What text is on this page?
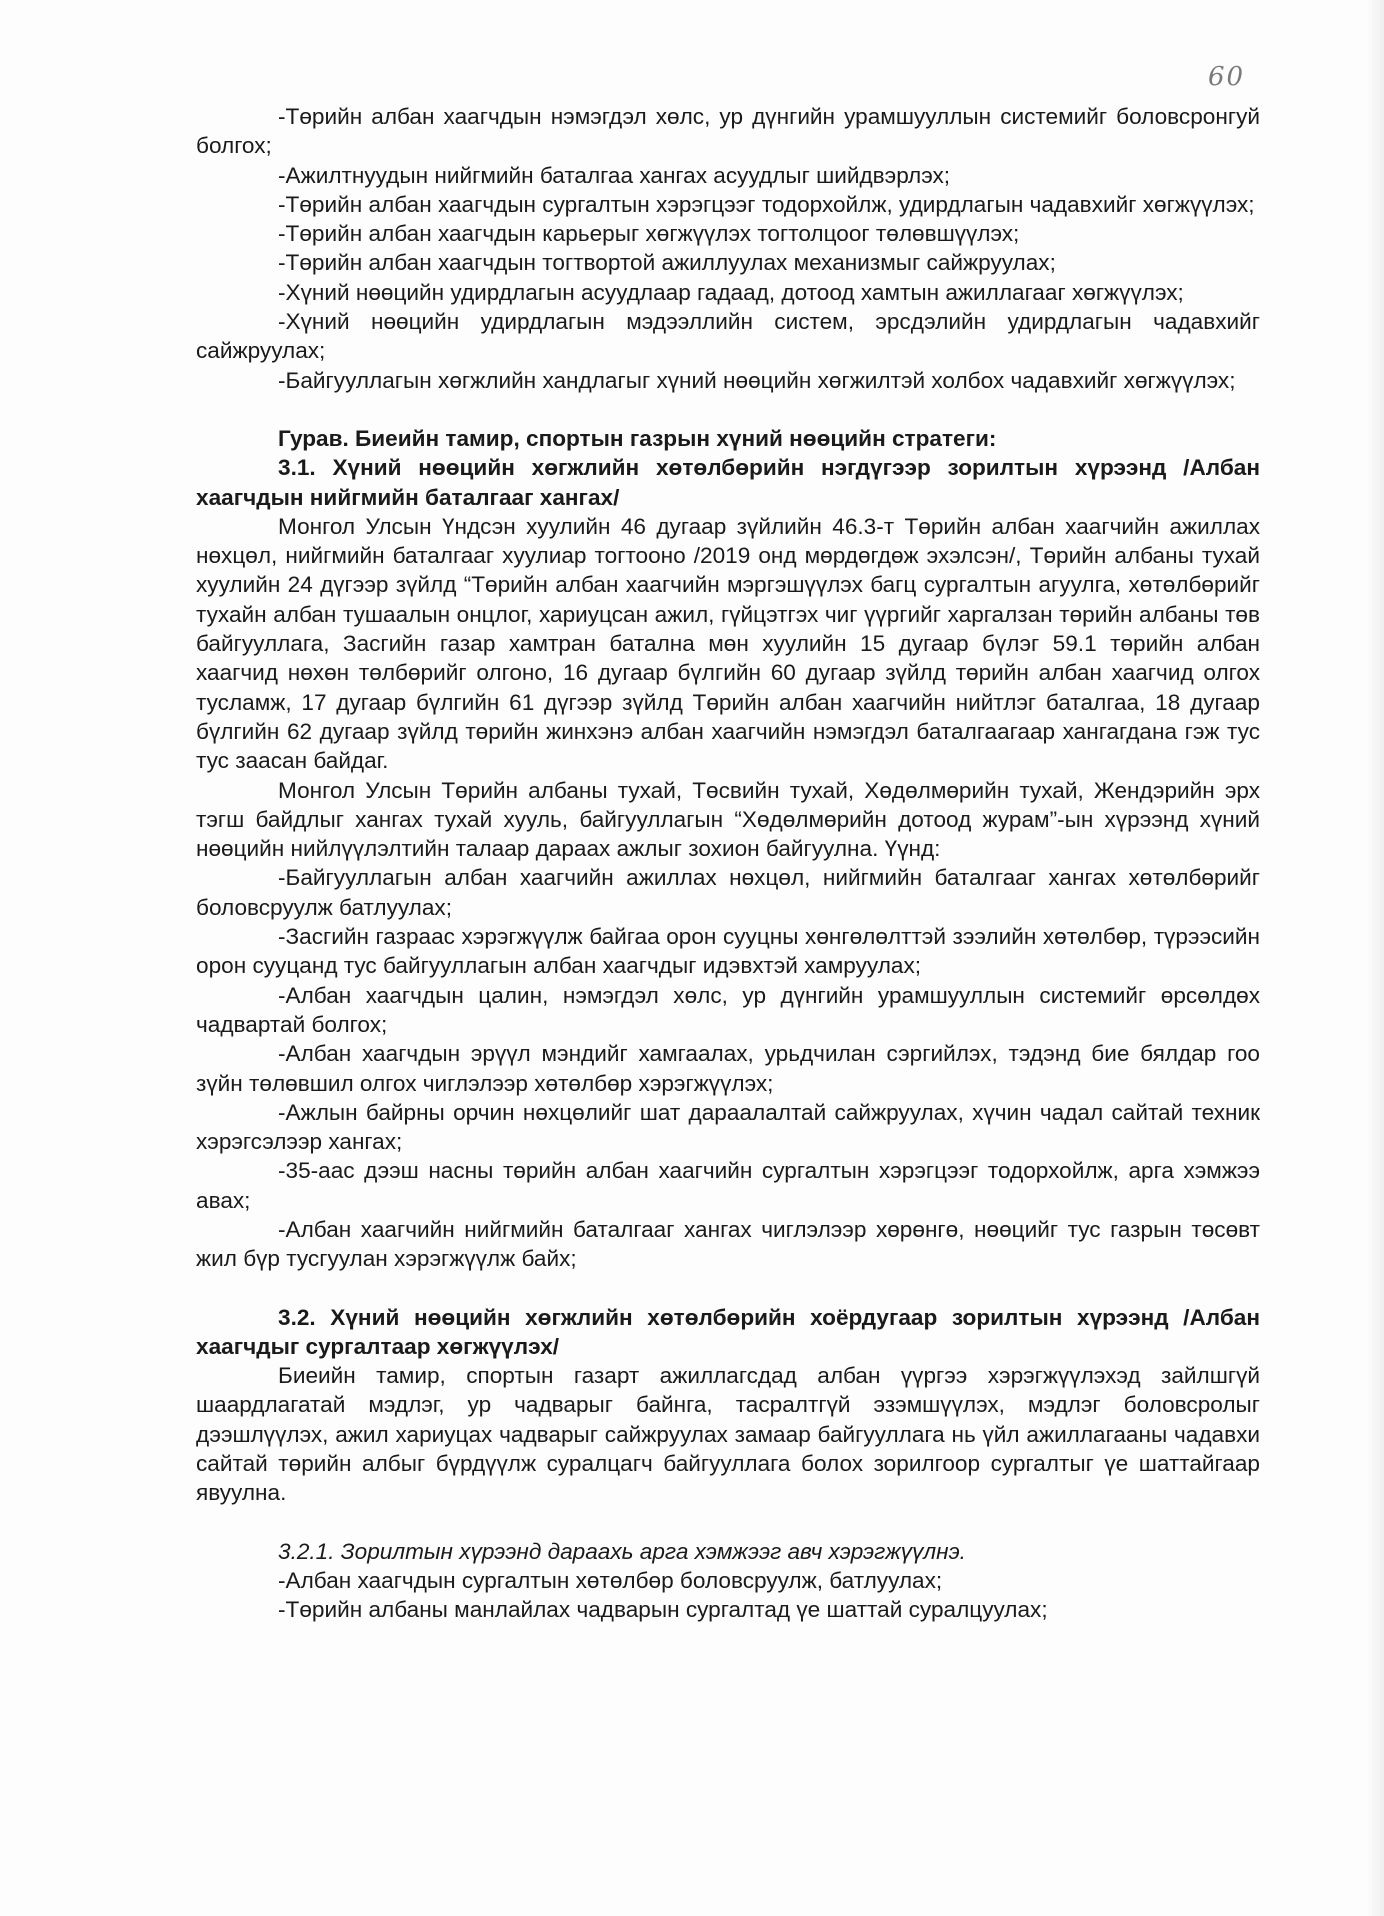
60

-Төрийн албан хаагчдын нэмэгдэл хөлс, ур дүнгийн урамшууллын системийг боловсронгуй болгох;

-Ажилтнуудын нийгмийн баталгаа хангах асуудлыг шийдвэрлэх;

-Төрийн албан хаагчдын сургалтын хэрэгцээг тодорхойлж, удирдлагын чадавхийг хөгжүүлэх;

-Төрийн албан хаагчдын карьерыг хөгжүүлэх тогтолцоог төлөвшүүлэх;

-Төрийн албан хаагчдын тогтвортой ажиллуулах механизмыг сайжруулах;

-Хүний нөөцийн удирдлагын асуудлаар гадаад, дотоод хамтын ажиллагааг хөгжүүлэх;

-Хүний нөөцийн удирдлагын мэдээллийн систем, эрсдэлийн удирдлагын чадавхийг сайжруулах;

-Байгууллагын хөгжлийн хандлагыг хүний нөөцийн хөгжилтэй холбох чадавхийг хөгжүүлэх;

Гурав. Биеийн тамир, спортын газрын хүний нөөцийн стратеги:

3.1. Хүний нөөцийн хөгжлийн хөтөлбөрийн нэгдүгээр зорилтын хүрээнд /Албан хаагчдын нийгмийн баталгааг хангах/

Монгол Улсын Үндсэн хуулийн 46 дугаар зүйлийн 46.3-т Төрийн албан хаагчийн ажиллах нөхцөл, нийгмийн баталгааг хуулиар тогтооно /2019 онд мөрдөгдөж эхэлсэн/, Төрийн албаны тухай хуулийн 24 дүгээр зүйлд “Төрийн албан хаагчийн мэргэшүүлэх багц сургалтын агуулга, хөтөлбөрийг тухайн албан тушаалын онцлог, хариуцсан ажил, гүйцэтгэх чиг үүргийг харгалзан төрийн албаны төв байгууллага, Засгийн газар хамтран батална мөн хуулийн 15 дугаар бүлэг 59.1 төрийн албан хаагчид нөхөн төлбөрийг олгоно, 16 дугаар бүлгийн 60 дугаар зүйлд төрийн албан хаагчид олгох тусламж, 17 дугаар бүлгийн 61 дүгээр зүйлд Төрийн албан хаагчийн нийтлэг баталгаа, 18 дугаар бүлгийн 62 дугаар зүйлд төрийн жинхэнэ албан хаагчийн нэмэгдэл баталгаагаар хангагдана гэж тус тус заасан байдаг.

Монгол Улсын Төрийн албаны тухай, Төсвийн тухай, Хөдөлмөрийн тухай, Жендэрийн эрх тэгш байдлыг хангах тухай хууль, байгууллагын “Хөдөлмөрийн дотоод журам”-ын хүрээнд хүний нөөцийн нийлүүлэлтийн талаар дараах ажлыг зохион байгуулна. Үүнд:

-Байгууллагын албан хаагчийн ажиллах нөхцөл, нийгмийн баталгааг хангах хөтөлбөрийг боловсруулж батлуулах;

-Засгийн газраас хэрэгжүүлж байгаа орон сууцны хөнгөлөлттэй зээлийн хөтөлбөр, түрээсийн орон сууцанд тус байгууллагын албан хаагчдыг идэвхтэй хамруулах;

-Албан хаагчдын цалин, нэмэгдэл хөлс, ур дүнгийн урамшууллын системийг өрсөлдөх чадвартай болгох;

-Албан хаагчдын эрүүл мэндийг хамгаалах, урьдчилан сэргийлэх, тэдэнд бие бялдар гоо зүйн төлөвшил олгох чиглэлээр хөтөлбөр хэрэгжүүлэх;

-Ажлын байрны орчин нөхцөлийг шат дараалалтай сайжруулах, хүчин чадал сайтай техник хэрэгсэлээр хангах;

-35-аас дээш насны төрийн албан хаагчийн сургалтын хэрэгцээг тодорхойлж, арга хэмжээ авах;

-Албан хаагчийн нийгмийн баталгааг хангах чиглэлээр хөрөнгө, нөөцийг тус газрын төсөвт жил бүр тусгуулан хэрэгжүүлж байх;

3.2. Хүний нөөцийн хөгжлийн хөтөлбөрийн хоёрдугаар зорилтын хүрээнд /Албан хаагчдыг сургалтаар хөгжүүлэх/

Биеийн тамир, спортын газарт ажиллагсдад албан үүргээ хэрэгжүүлэхэд зайлшгүй шаардлагатай мэдлэг, ур чадварыг байнга, тасралтгүй эзэмшүүлэх, мэдлэг боловсролыг дээшлүүлэх, ажил хариуцах чадварыг сайжруулах замаар байгууллага нь үйл ажиллагааны чадавхи сайтай төрийн албыг бүрдүүлж суралцагч байгууллага болох зорилгоор сургалтыг үе шаттайгаар явуулна.

3.2.1. Зорилтын хүрээнд дараахь арга хэмжээг авч хэрэгжүүлнэ.

-Албан хаагчдын сургалтын хөтөлбөр боловсруулж, батлуулах;

-Төрийн албаны манлайлах чадварын сургалтад үе шаттай суралцуулах;
